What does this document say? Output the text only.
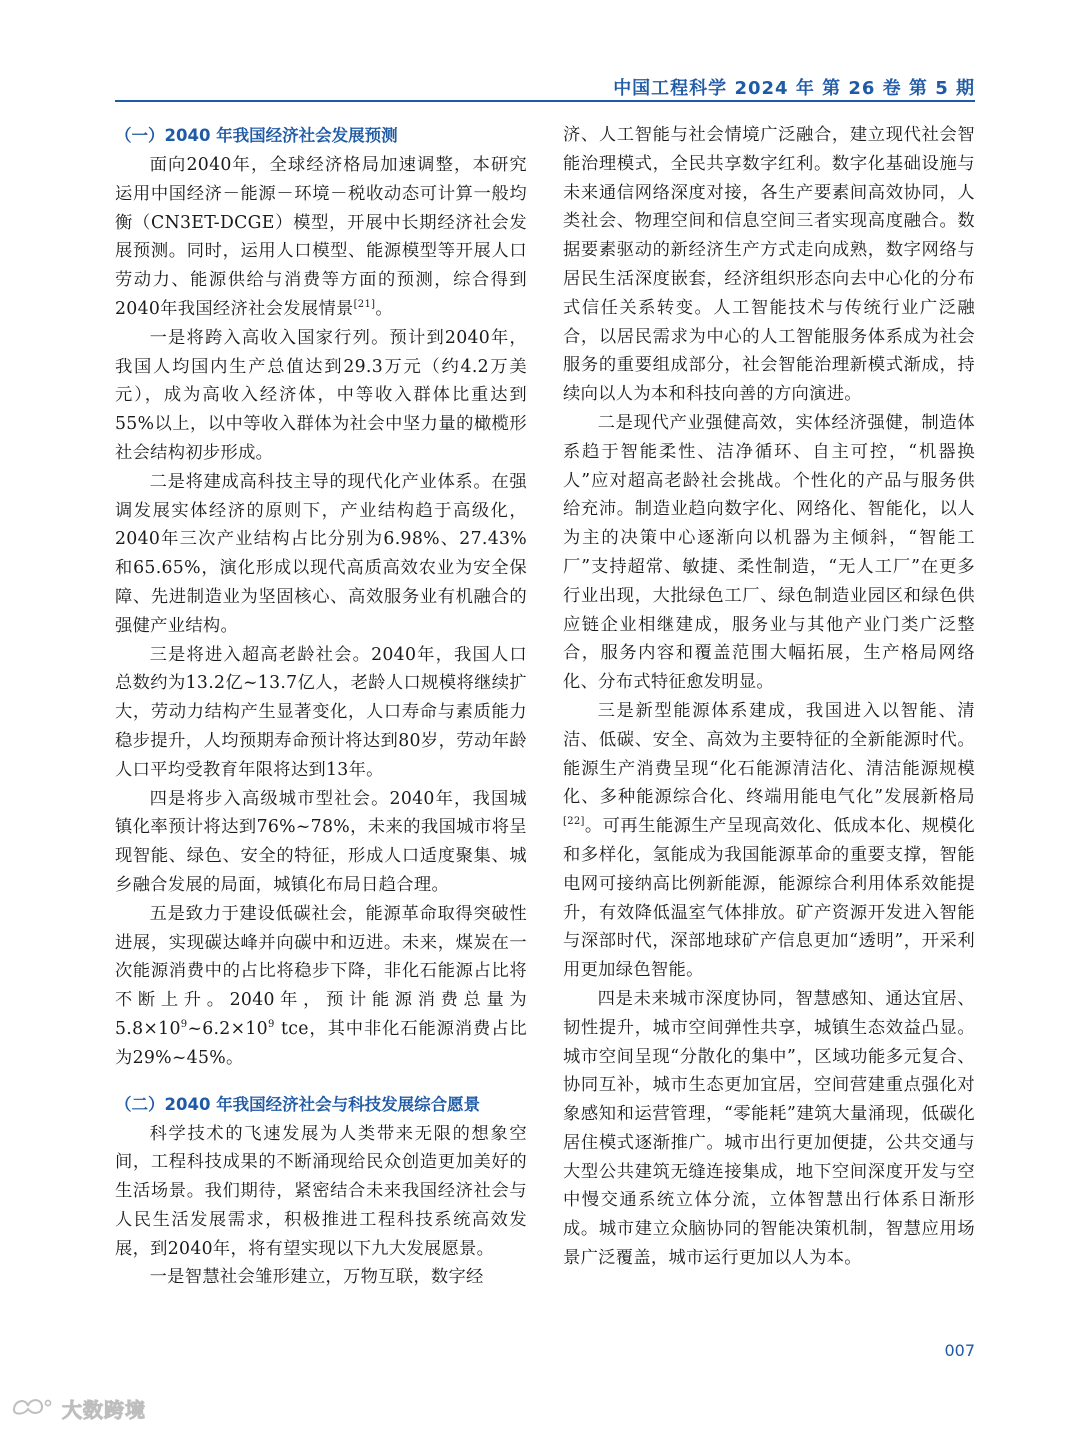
中国工程科学 2024 年 第 26 卷 第 5 期
（一）2040 年我国经济社会发展预测

面向2040年，全球经济格局加速调整，本研究运用中国经济－能源－环境－税收动态可计算一般均衡（CN3ET-DCGE）模型，开展中长期经济社会发展预测。同时，运用人口模型、能源模型等开展人口劳动力、能源供给与消费等方面的预测，综合得到2040年我国经济社会发展情景[21]。

一是将跨入高收入国家行列。预计到2040年，我国人均国内生产总值达到29.3万元（约4.2万美元），成为高收入经济体，中等收入群体比重达到55%以上，以中等收入群体为社会中坚力量的橄榄形社会结构初步形成。

二是将建成高科技主导的现代化产业体系。在强调发展实体经济的原则下，产业结构趋于高级化，2040年三次产业结构占比分别为6.98%、27.43%和65.65%，演化形成以现代高质高效农业为安全保障、先进制造业为坚固核心、高效服务业有机融合的强健产业结构。

三是将进入超高老龄社会。2040年，我国人口总数约为13.2亿~13.7亿人，老龄人口规模将继续扩大，劳动力结构产生显著变化，人口寿命与素质能力稳步提升，人均预期寿命预计将达到80岁，劳动年龄人口平均受教育年限将达到13年。

四是将步入高级城市型社会。2040年，我国城镇化率预计将达到76%~78%，未来的我国城市将呈现智能、绿色、安全的特征，形成人口适度聚集、城乡融合发展的局面，城镇化布局日趋合理。

五是致力于建设低碳社会，能源革命取得突破性进展，实现碳达峰并向碳中和迈进。未来，煤炭在一次能源消费中的占比将稳步下降，非化石能源占比将不断上升。2040年，预计能源消费总量为$5.8\times 10^9\sim 6.2\times 10^9$ tce，其中非化石能源消费占比为29%~45%。

（二）2040 年我国经济社会与科技发展综合愿景

科学技术的飞速发展为人类带来无限的想象空间，工程科技成果的不断涌现给民众创造更加美好的生活场景。我们期待，紧密结合未来我国经济社会与人民生活发展需求，积极推进工程科技系统高效发展，到2040年，将有望实现以下九大发展愿景。

一是智慧社会雏形建立，万物互联，数字经

济、人工智能与社会情境广泛融合，建立现代社会智能治理模式，全民共享数字红利。数字化基础设施与未来通信网络深度对接，各生产要素间高效协同，人类社会、物理空间和信息空间三者实现高度融合。数据要素驱动的新经济生产方式走向成熟，数字网络与居民生活深度嵌套，经济组织形态向去中心化的分布式信任关系转变。人工智能技术与传统行业广泛融合，以居民需求为中心的人工智能服务体系成为社会服务的重要组成部分，社会智能治理新模式渐成，持续向以人为本和科技向善的方向演进。

二是现代产业强健高效，实体经济强健，制造体系趋于智能柔性、洁净循环、自主可控，“机器换人”应对超高老龄社会挑战。个性化的产品与服务供给充沛。制造业趋向数字化、网络化、智能化，以人为主的决策中心逐渐向以机器为主倾斜，“智能工厂”支持超常、敏捷、柔性制造，“无人工厂”在更多行业出现，大批绿色工厂、绿色制造业园区和绿色供应链企业相继建成，服务业与其他产业门类广泛整合，服务内容和覆盖范围大幅拓展，生产格局网络化、分布式特征愈发明显。

三是新型能源体系建成，我国进入以智能、清洁、低碳、安全、高效为主要特征的全新能源时代。能源生产消费呈现“化石能源清洁化、清洁能源规模化、多种能源综合化、终端用能电气化”发展新格局[22]。可再生能源生产呈现高效化、低成本化、规模化和多样化，氢能成为我国能源革命的重要支撑，智能电网可接纳高比例新能源，能源综合利用体系效能提升，有效降低温室气体排放。矿产资源开发进入智能与深部时代，深部地球矿产信息更加“透明”，开采利用更加绿色智能。

四是未来城市深度协同，智慧感知、通达宜居、韧性提升，城市空间弹性共享，城镇生态效益凸显。城市空间呈现“分散化的集中”，区域功能多元复合、协同互补，城市生态更加宜居，空间营建重点强化对象感知和运营管理，“零能耗”建筑大量涌现，低碳化居住模式逐渐推广。城市出行更加便捷，公共交通与大型公共建筑无缝连接集成，地下空间深度开发与空中慢交通系统立体分流，立体智慧出行体系日渐形成。城市建立众脑协同的智能决策机制，智慧应用场景广泛覆盖，城市运行更加以人为本。

007
大数跨境
